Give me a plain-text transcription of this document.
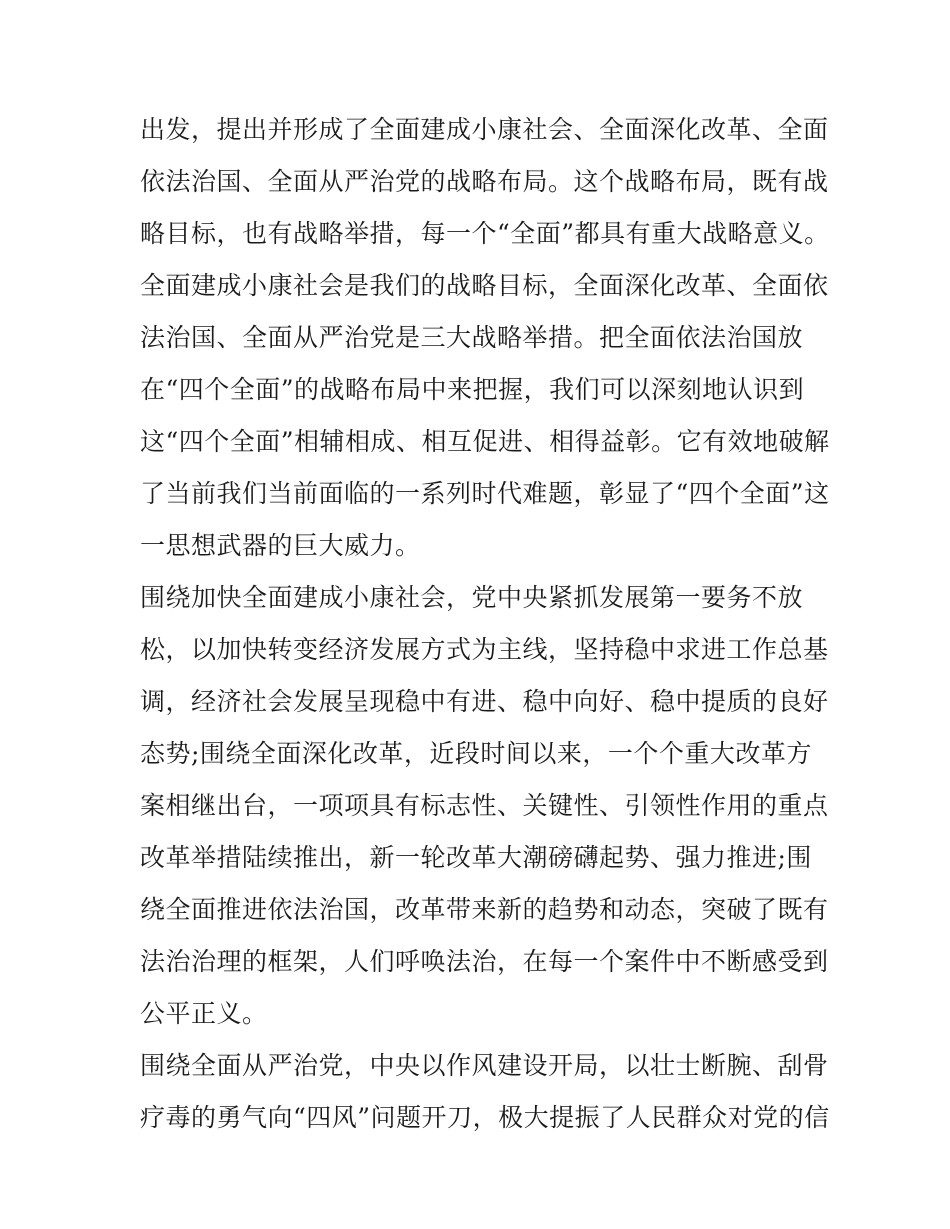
出发，提出并形成了全面建成小康社会、全面深化改革、全面
依法治国、全面从严治党的战略布局。这个战略布局，既有战
略目标，也有战略举措，每一个“全面”都具有重大战略意义。
全面建成小康社会是我们的战略目标，全面深化改革、全面依
法治国、全面从严治党是三大战略举措。把全面依法治国放
在“四个全面”的战略布局中来把握，我们可以深刻地认识到
这“四个全面”相辅相成、相互促进、相得益彰。它有效地破解
了当前我们当前面临的一系列时代难题，彰显了“四个全面”这
一思想武器的巨大威力。
围绕加快全面建成小康社会，党中央紧抓发展第一要务不放
松，以加快转变经济发展方式为主线，坚持稳中求进工作总基
调，经济社会发展呈现稳中有进、稳中向好、稳中提质的良好
态势;围绕全面深化改革，近段时间以来，一个个重大改革方
案相继出台，一项项具有标志性、关键性、引领性作用的重点
改革举措陆续推出，新一轮改革大潮磅礴起势、强力推进;围
绕全面推进依法治国，改革带来新的趋势和动态，突破了既有
法治治理的框架，人们呼唤法治，在每一个案件中不断感受到
公平正义。
围绕全面从严治党，中央以作风建设开局，以壮士断腕、刮骨
疗毒的勇气向“四风”问题开刀，极大提振了人民群众对党的信
